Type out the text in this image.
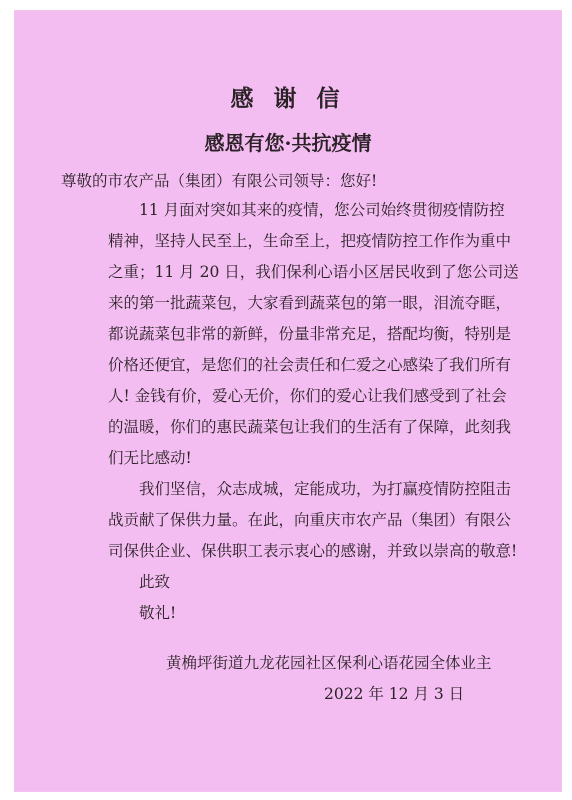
感 谢 信
感恩有您·共抗疫情

尊敬的市农产品（集团）有限公司领导：您好!

11 月面对突如其来的疫情，您公司始终贯彻疫情防控

精神，坚持人民至上，生命至上，把疫情防控工作作为重中

之重；11 月 20 日，我们保利心语小区居民收到了您公司送

来的第一批蔬菜包，大家看到蔬菜包的第一眼，泪流夺眶，

都说蔬菜包非常的新鲜，份量非常充足，搭配均衡，特别是

价格还便宜，是您们的社会责任和仁爱之心感染了我们所有

人! 金钱有价，爱心无价，你们的爱心让我们感受到了社会

的温暖，你们的惠民蔬菜包让我们的生活有了保障，此刻我

们无比感动!

我们坚信，众志成城，定能成功，为打赢疫情防控阻击

战贡献了保供力量。在此，向重庆市农产品（集团）有限公

司保供企业、保供职工表示衷心的感谢，并致以崇高的敬意!

此致

敬礼!

黄桷坪街道九龙花园社区保利心语花园全体业主

2022 年 12 月 3 日
